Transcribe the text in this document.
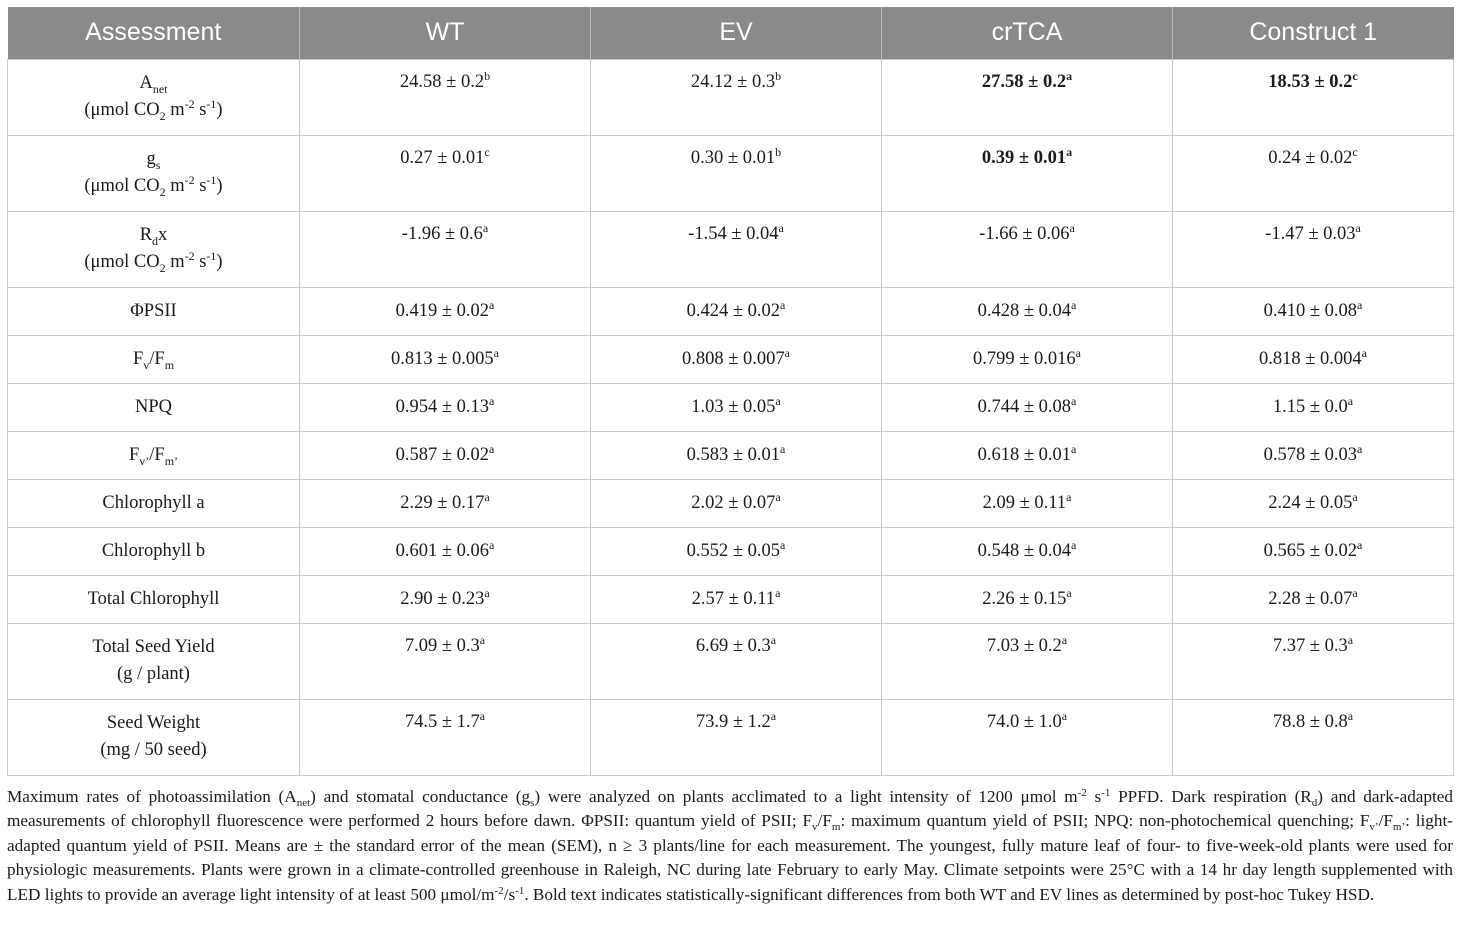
Assessment	WT	EV	crTCA	Construct 1

$A_{net}$
(μmol $CO_2$ $m^{-2}$ $s^{-1}$)	24.58 ± 0.2$^b$	24.12 ± 0.3$^b$	27.58 ± 0.2$^a$	18.53 ± 0.2$^c$

$g_s$
(μmol $CO_2$ $m^{-2}$ $s^{-1}$)	0.27 ± 0.01$^c$	0.30 ± 0.01$^b$	0.39 ± 0.01$^a$	0.24 ± 0.02$^c$

$R_dx$
(μmol $CO_2$ $m^{-2}$ $s^{-1}$)	-1.96 ± 0.6$^a$	-1.54 ± 0.04$^a$	-1.66 ± 0.06$^a$	-1.47 ± 0.03$^a$

ΦPSII	0.419 ± 0.02$^a$	0.424 ± 0.02$^a$	0.428 ± 0.04$^a$	0.410 ± 0.08$^a$

$F_v/F_m$	0.813 ± 0.005$^a$	0.808 ± 0.007$^a$	0.799 ± 0.016$^a$	0.818 ± 0.004$^a$

NPQ	0.954 ± 0.13$^a$	1.03 ± 0.05$^a$	0.744 ± 0.08$^a$	1.15 ± 0.0$^a$

$F_{v’}/F_{m’}$	0.587 ± 0.02$^a$	0.583 ± 0.01$^a$	0.618 ± 0.01$^a$	0.578 ± 0.03$^a$

Chlorophyll a	2.29 ± 0.17$^a$	2.02 ± 0.07$^a$	2.09 ± 0.11$^a$	2.24 ± 0.05$^a$

Chlorophyll b	0.601 ± 0.06$^a$	0.552 ± 0.05$^a$	0.548 ± 0.04$^a$	0.565 ± 0.02$^a$

Total Chlorophyll	2.90 ± 0.23$^a$	2.57 ± 0.11$^a$	2.26 ± 0.15$^a$	2.28 ± 0.07$^a$

Total Seed Yield
(g / plant)	7.09 ± 0.3$^a$	6.69 ± 0.3$^a$	7.03 ± 0.2$^a$	7.37 ± 0.3$^a$

Seed Weight
(mg / 50 seed)	74.5 ± 1.7$^a$	73.9 ± 1.2$^a$	74.0 ± 1.0$^a$	78.8 ± 0.8$^a$
Maximum rates of photoassimilation $(A_{net})$ and stomatal conductance $(g_s)$ were analyzed on plants acclimated to a light intensity of 1200 μmol $m^{-2}$ $s^{-1}$ PPFD. Dark respiration $(R_d)$ and dark-adapted measurements of chlorophyll fluorescence were performed 2 hours before dawn. ΦPSII: quantum yield of PSII; $F_v/F_m$: maximum quantum yield of PSII; NPQ: non-photochemical quenching; $F_{v’}/F_{m’}$: light-adapted quantum yield of PSII. Means are ± the standard error of the mean (SEM), n ≥ 3 plants/line for each measurement. The youngest, fully mature leaf of four- to five-week-old plants were used for physiologic measurements. Plants were grown in a climate-controlled greenhouse in Raleigh, NC during late February to early May. Climate setpoints were 25°C with a 14 hr day length supplemented with LED lights to provide an average light intensity of at least 500 μmol/$m^{-2}/s^{-1}$. Bold text indicates statistically-significant differences from both WT and EV lines as determined by post-hoc Tukey HSD.
